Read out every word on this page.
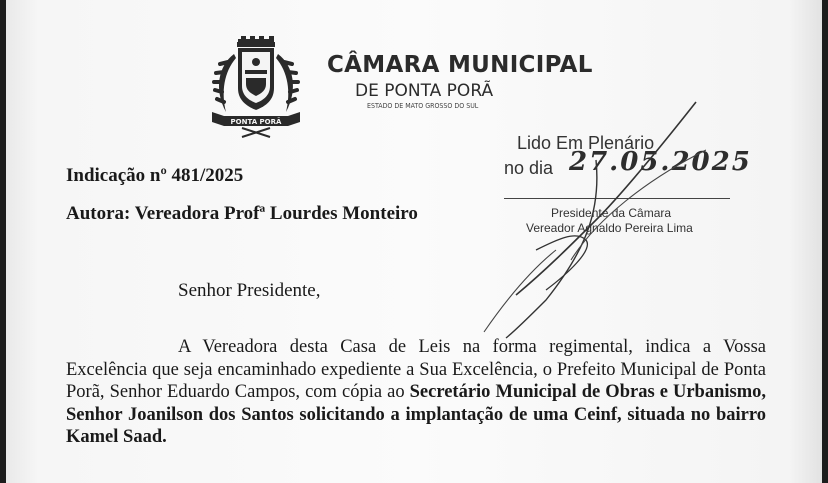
PONTA PORÃ

CÂMARA MUNICIPAL

DE PONTA PORÃ

ESTADO DE MATO GROSSO DO SUL

Lido Em Plenário

no dia 27.05.2025

Presidente da Câmara

Vereador Agnaldo Pereira Lima

Indicação nº 481/2025

Autora: Vereadora Profª Lourdes Monteiro

Senhor Presidente,

A Vereadora desta Casa de Leis na forma regimental, indica a Vossa Excelência que seja encaminhado expediente a Sua Excelência, o Prefeito Municipal de Ponta Porã, Senhor Eduardo Campos, com cópia ao Secretário Municipal de Obras e Urbanismo, Senhor Joanilson dos Santos solicitando a implantação de uma Ceinf, situada no bairro Kamel Saad.
